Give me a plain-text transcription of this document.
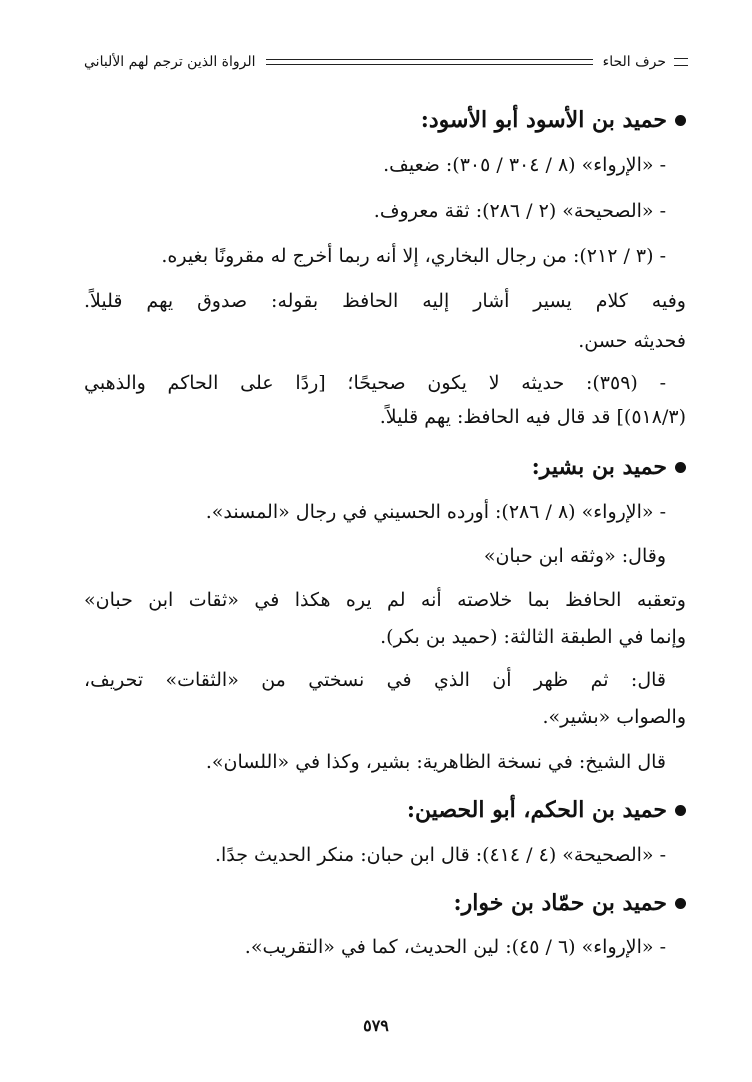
حرف الحاء
الرواة الذين ترجم لهم الألباني
حميد بن الأسود أبو الأسود:
- «الإرواء» (٨ / ٣٠٤ / ٣٠٥): ضعيف.
- «الصحيحة» (٢ / ٢٨٦): ثقة معروف.
- (٣ / ٢١٢): من رجال البخاري، إلا أنه ربما أخرج له مقرونًا بغيره.
وفيه كلام يسير أشار إليه الحافظ بقوله: صدوق يهم قليلاً.
فحديثه حسن.
- (٣٥٩): حديثه لا يكون صحيحًا؛ [ردًا على الحاكم والذهبي
(٥١٨/٣)] قد قال فيه الحافظ: يهم قليلاً.
حميد بن بشير:
- «الإرواء» (٨ / ٢٨٦): أورده الحسيني في رجال «المسند».
وقال: «وثقه ابن حبان»
وتعقبه الحافظ بما خلاصته أنه لم يره هكذا في «ثقات ابن حبان»
وإنما في الطبقة الثالثة: (حميد بن بكر).
قال: ثم ظهر أن الذي في نسختي من «الثقات» تحريف،
والصواب «بشير».
قال الشيخ: في نسخة الظاهرية: بشير، وكذا في «اللسان».
حميد بن الحكم، أبو الحصين:
- «الصحيحة» (٤ / ٤١٤): قال ابن حبان: منكر الحديث جدًا.
حميد بن حمّاد بن خوار:
- «الإرواء» (٦ / ٤٥): لين الحديث، كما في «التقريب».
٥٧٩
